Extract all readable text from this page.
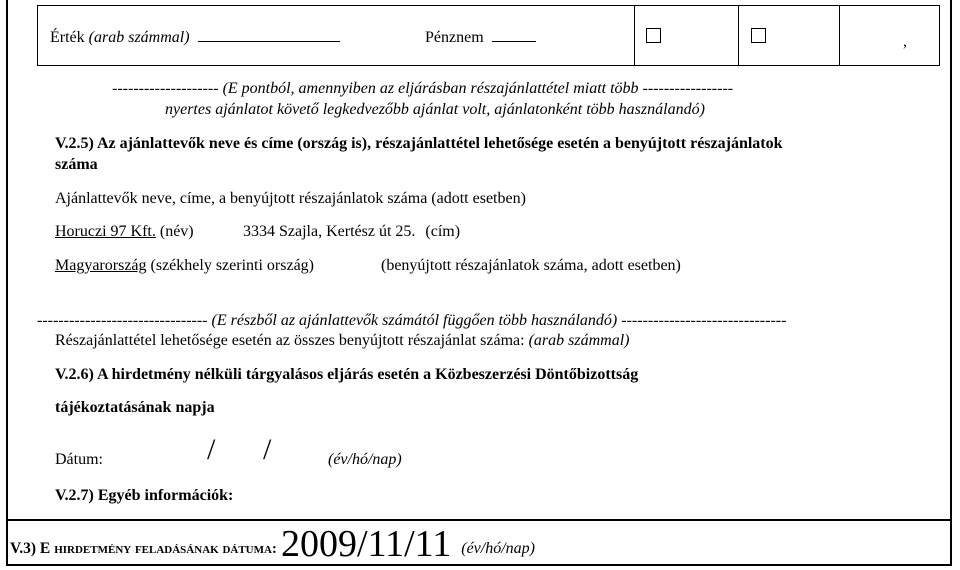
Érték (arab számmal)	Pénznem	,
-------------------- (E pontból, amennyiben az eljárásban részajánlattétel miatt több -----------------
nyertes ajánlatot követő legkedvezőbb ajánlat volt, ajánlatonként több használandó)
V.2.5) Az ajánlattevők neve és címe (ország is), részajánlattétel lehetősége esetén a benyújtott részajánlatok
száma
Ajánlattevők neve, címe, a benyújtott részajánlatok száma (adott esetben)
Horuczi 97 Kft. (név)	3334 Szajla, Kertész út 25. (cím)
Magyarország (székhely szerinti ország)	(benyújtott részajánlatok száma, adott esetben)
-------------------------------- (E részből az ajánlattevők számától függően több használandó) -------------------------------
Részajánlattétel lehetősége esetén az összes benyújtott részajánlat száma: (arab számmal)
V.2.6) A hirdetmény nélküli tárgyalásos eljárás esetén a Közbeszerzési Döntőbizottság
tájékoztatásának napja
Dátum:	/ /	(év/hó/nap)
V.2.7) Egyéb információk:
V.3) E hirdetmény feladásának dátuma: 2009/11/11 (év/hó/nap)
